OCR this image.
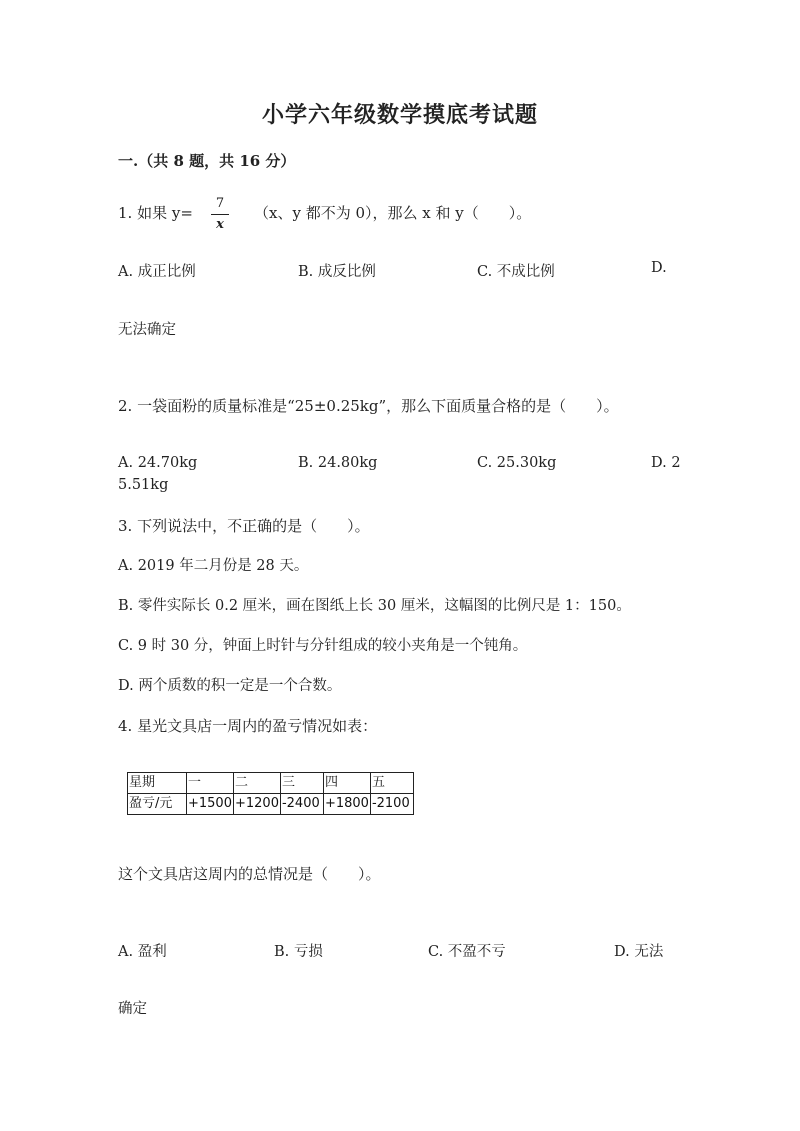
小学六年级数学摸底考试题
一.（共 8 题，共 16 分）
1. 如果 y=
7
x
（x、y 都不为 0），那么 x 和 y（　　）。
A. 成正比例	B. 成反比例	C. 不成比例	D.
无法确定
2. 一袋面粉的质量标准是“25±0.25kg”，那么下面质量合格的是（　　）。
A. 24.70kg	B. 24.80kg	C. 25.30kg	D. 2
5.51kg
3. 下列说法中，不正确的是（　　）。
A. 2019 年二月份是 28 天。
B. 零件实际长 0.2 厘米，画在图纸上长 30 厘米，这幅图的比例尺是 1：150。
C. 9 时 30 分，钟面上时针与分针组成的较小夹角是一个钝角。
D. 两个质数的积一定是一个合数。
4. 星光文具店一周内的盈亏情况如表：
星期	一	二	三	四	五
盈亏/元	+1500	+1200	-2400	+1800	-2100
这个文具店这周内的总情况是（　　）。
A. 盈利	B. 亏损	C. 不盈不亏	D. 无法
确定
